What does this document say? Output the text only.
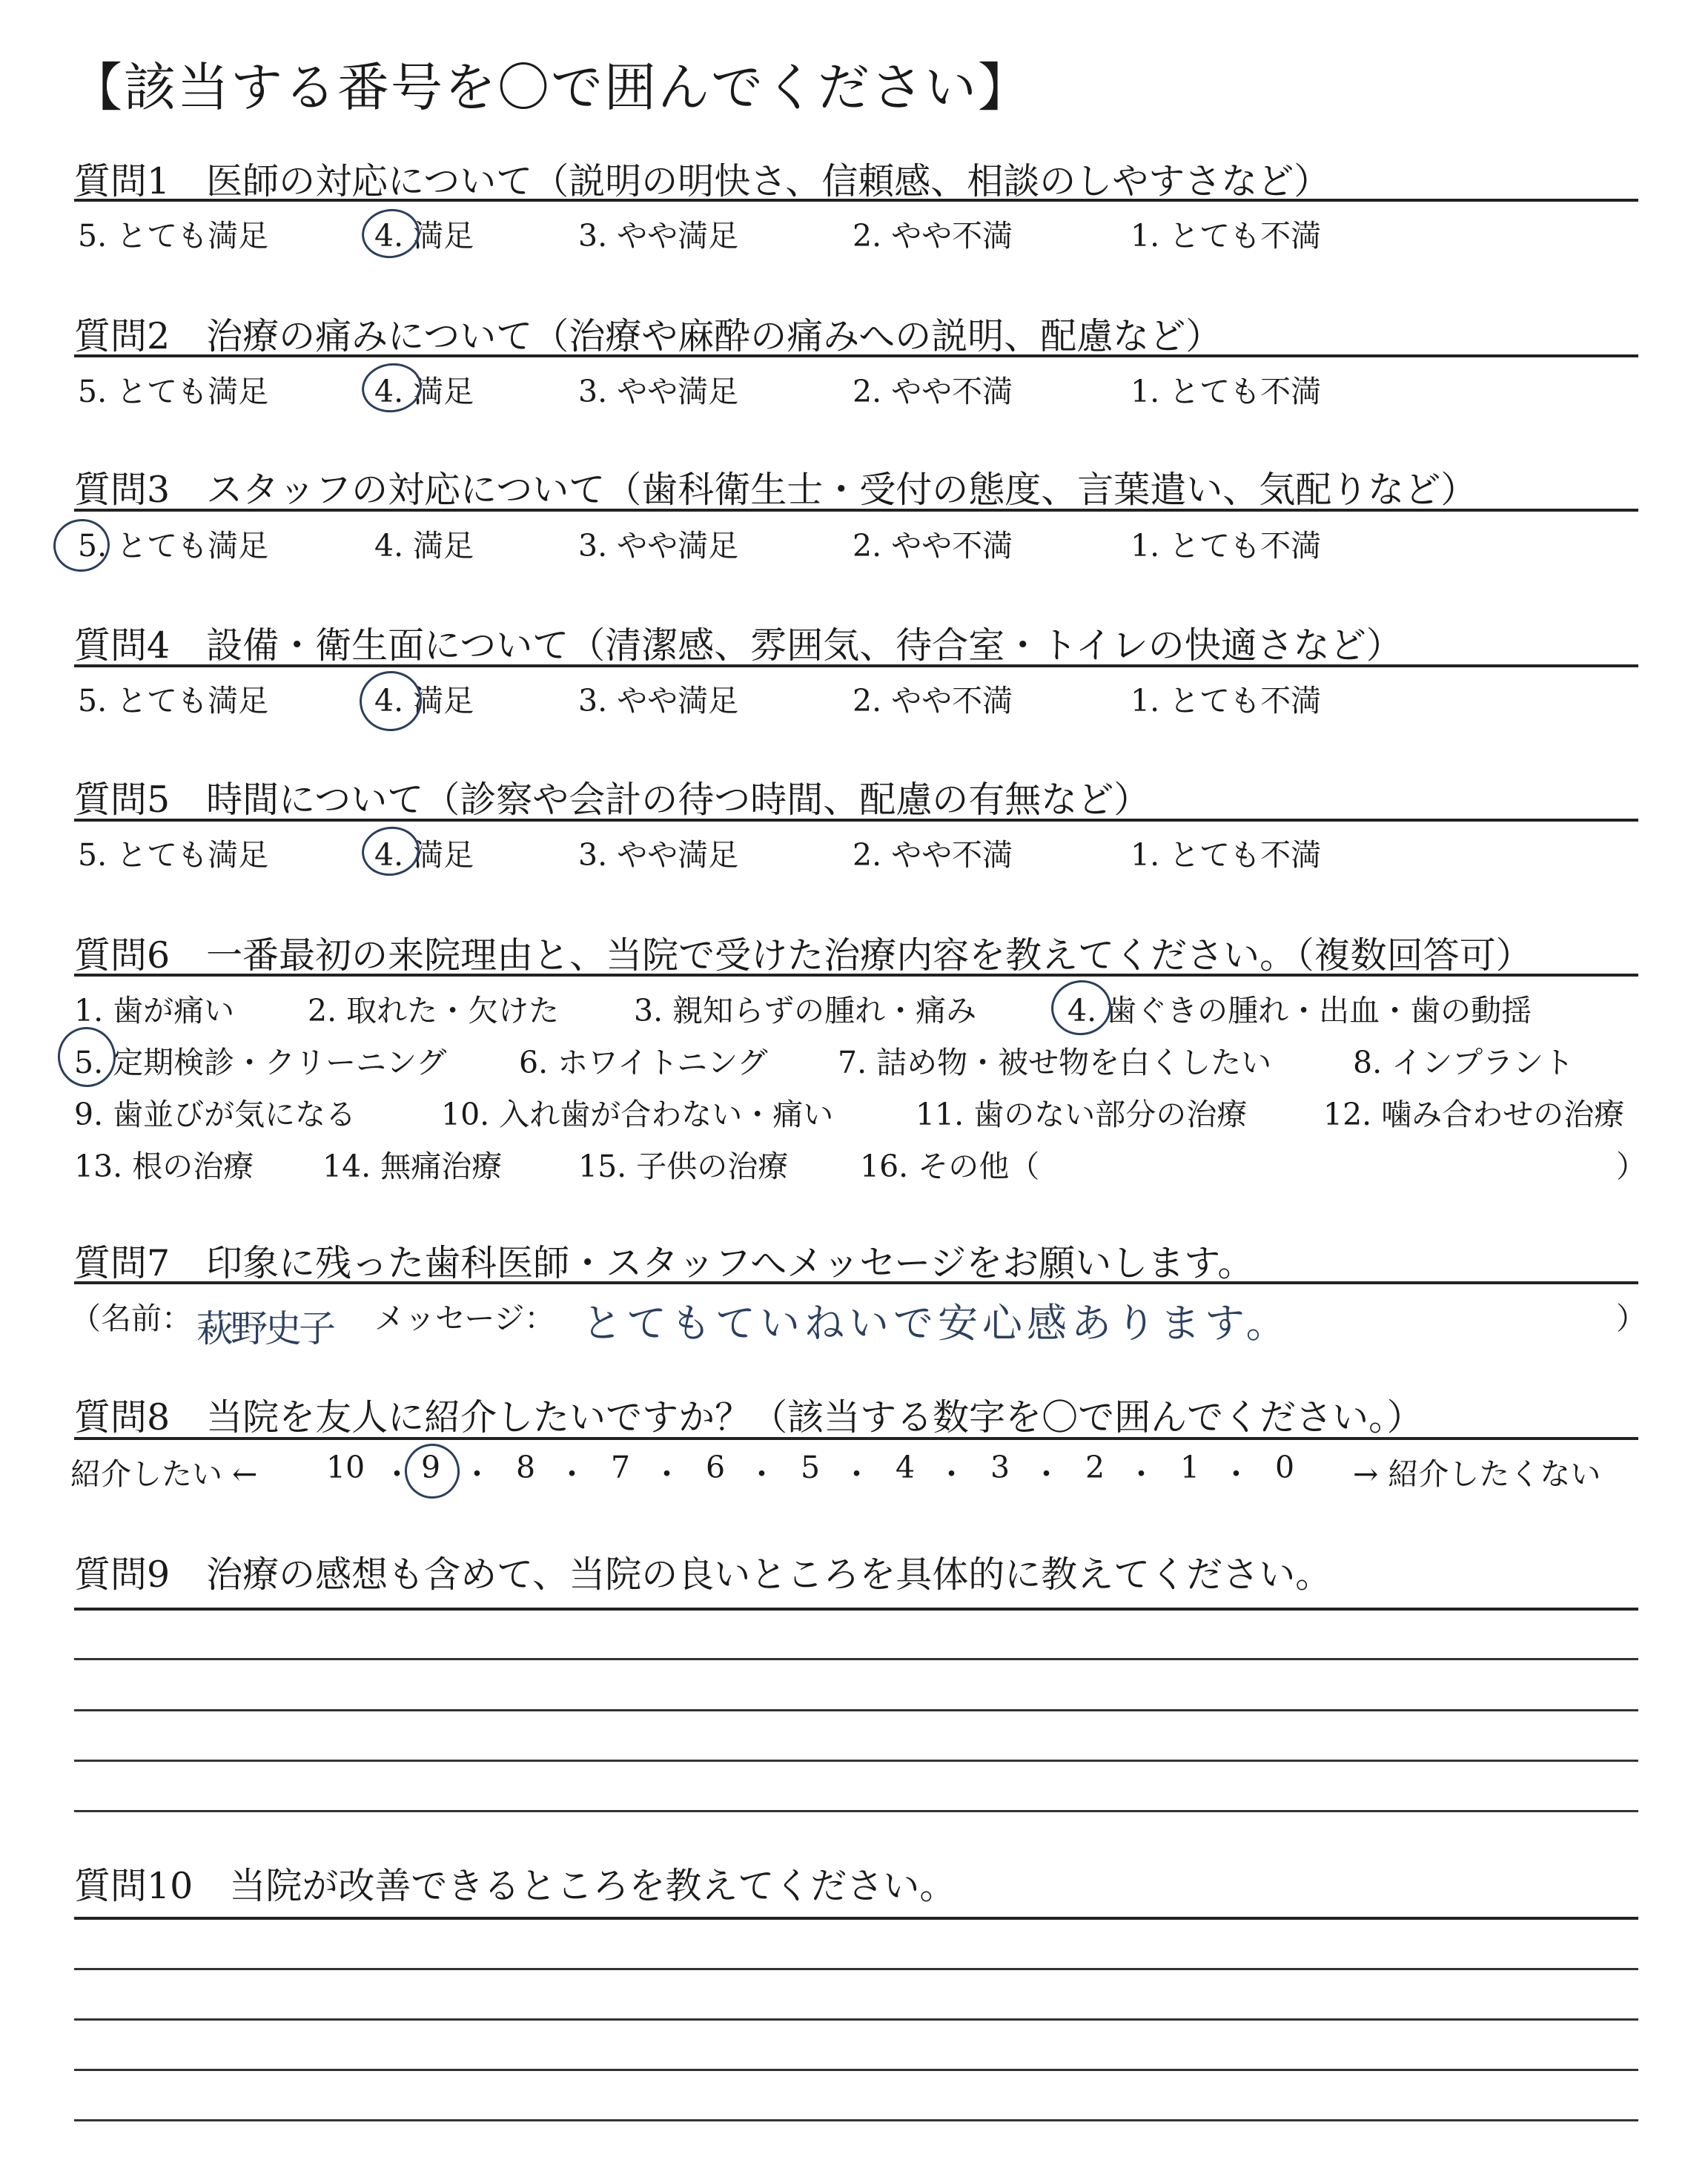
【該当する番号を〇で囲んでください】
質問1　医師の対応について（説明の明快さ、信頼感、相談のしやすさなど）
5. とても満足	4. 満足	3. やや満足	2. やや不満	1. とても不満
質問2　治療の痛みについて（治療や麻酔の痛みへの説明、配慮など）
5. とても満足	4. 満足	3. やや満足	2. やや不満	1. とても不満
質問3　スタッフの対応について（歯科衛生士・受付の態度、言葉遣い、気配りなど）
5. とても満足	4. 満足	3. やや満足	2. やや不満	1. とても不満
質問4　設備・衛生面について（清潔感、雰囲気、待合室・トイレの快適さなど）
5. とても満足	4. 満足	3. やや満足	2. やや不満	1. とても不満
質問5　時間について（診察や会計の待つ時間、配慮の有無など）
5. とても満足	4. 満足	3. やや満足	2. やや不満	1. とても不満
質問6　一番最初の来院理由と、当院で受けた治療内容を教えてください。（複数回答可）
1. 歯が痛い 2. 取れた・欠けた 3. 親知らずの腫れ・痛み	4. 歯ぐきの腫れ・出血・歯の動揺
5. 定期検診・クリーニング 6. ホワイトニング 7. 詰め物・被せ物を白くしたい	8. インプラント
9. 歯並びが気になる	10. 入れ歯が合わない・痛い	11. 歯のない部分の治療	12. 噛み合わせの治療
13. 根の治療 14. 無痛治療	15. 子供の治療 16. その他（	）
質問7　印象に残った歯科医師・スタッフへメッセージをお願いします。
（名前： 萩野史子 メッセージ： とてもていねいで安心感あります。	）
質問8　当院を友人に紹介したいですか？（該当する数字を〇で囲んでください。）
紹介したい ←	→ 紹介したくない
10 ・ 9 ・ 8 ・ 7 ・ 6 ・ 5 ・ 4 ・ 3 ・ 2 ・ 1 ・ 0
質問9　治療の感想も含めて、当院の良いところを具体的に教えてください。
質問10　当院が改善できるところを教えてください。
